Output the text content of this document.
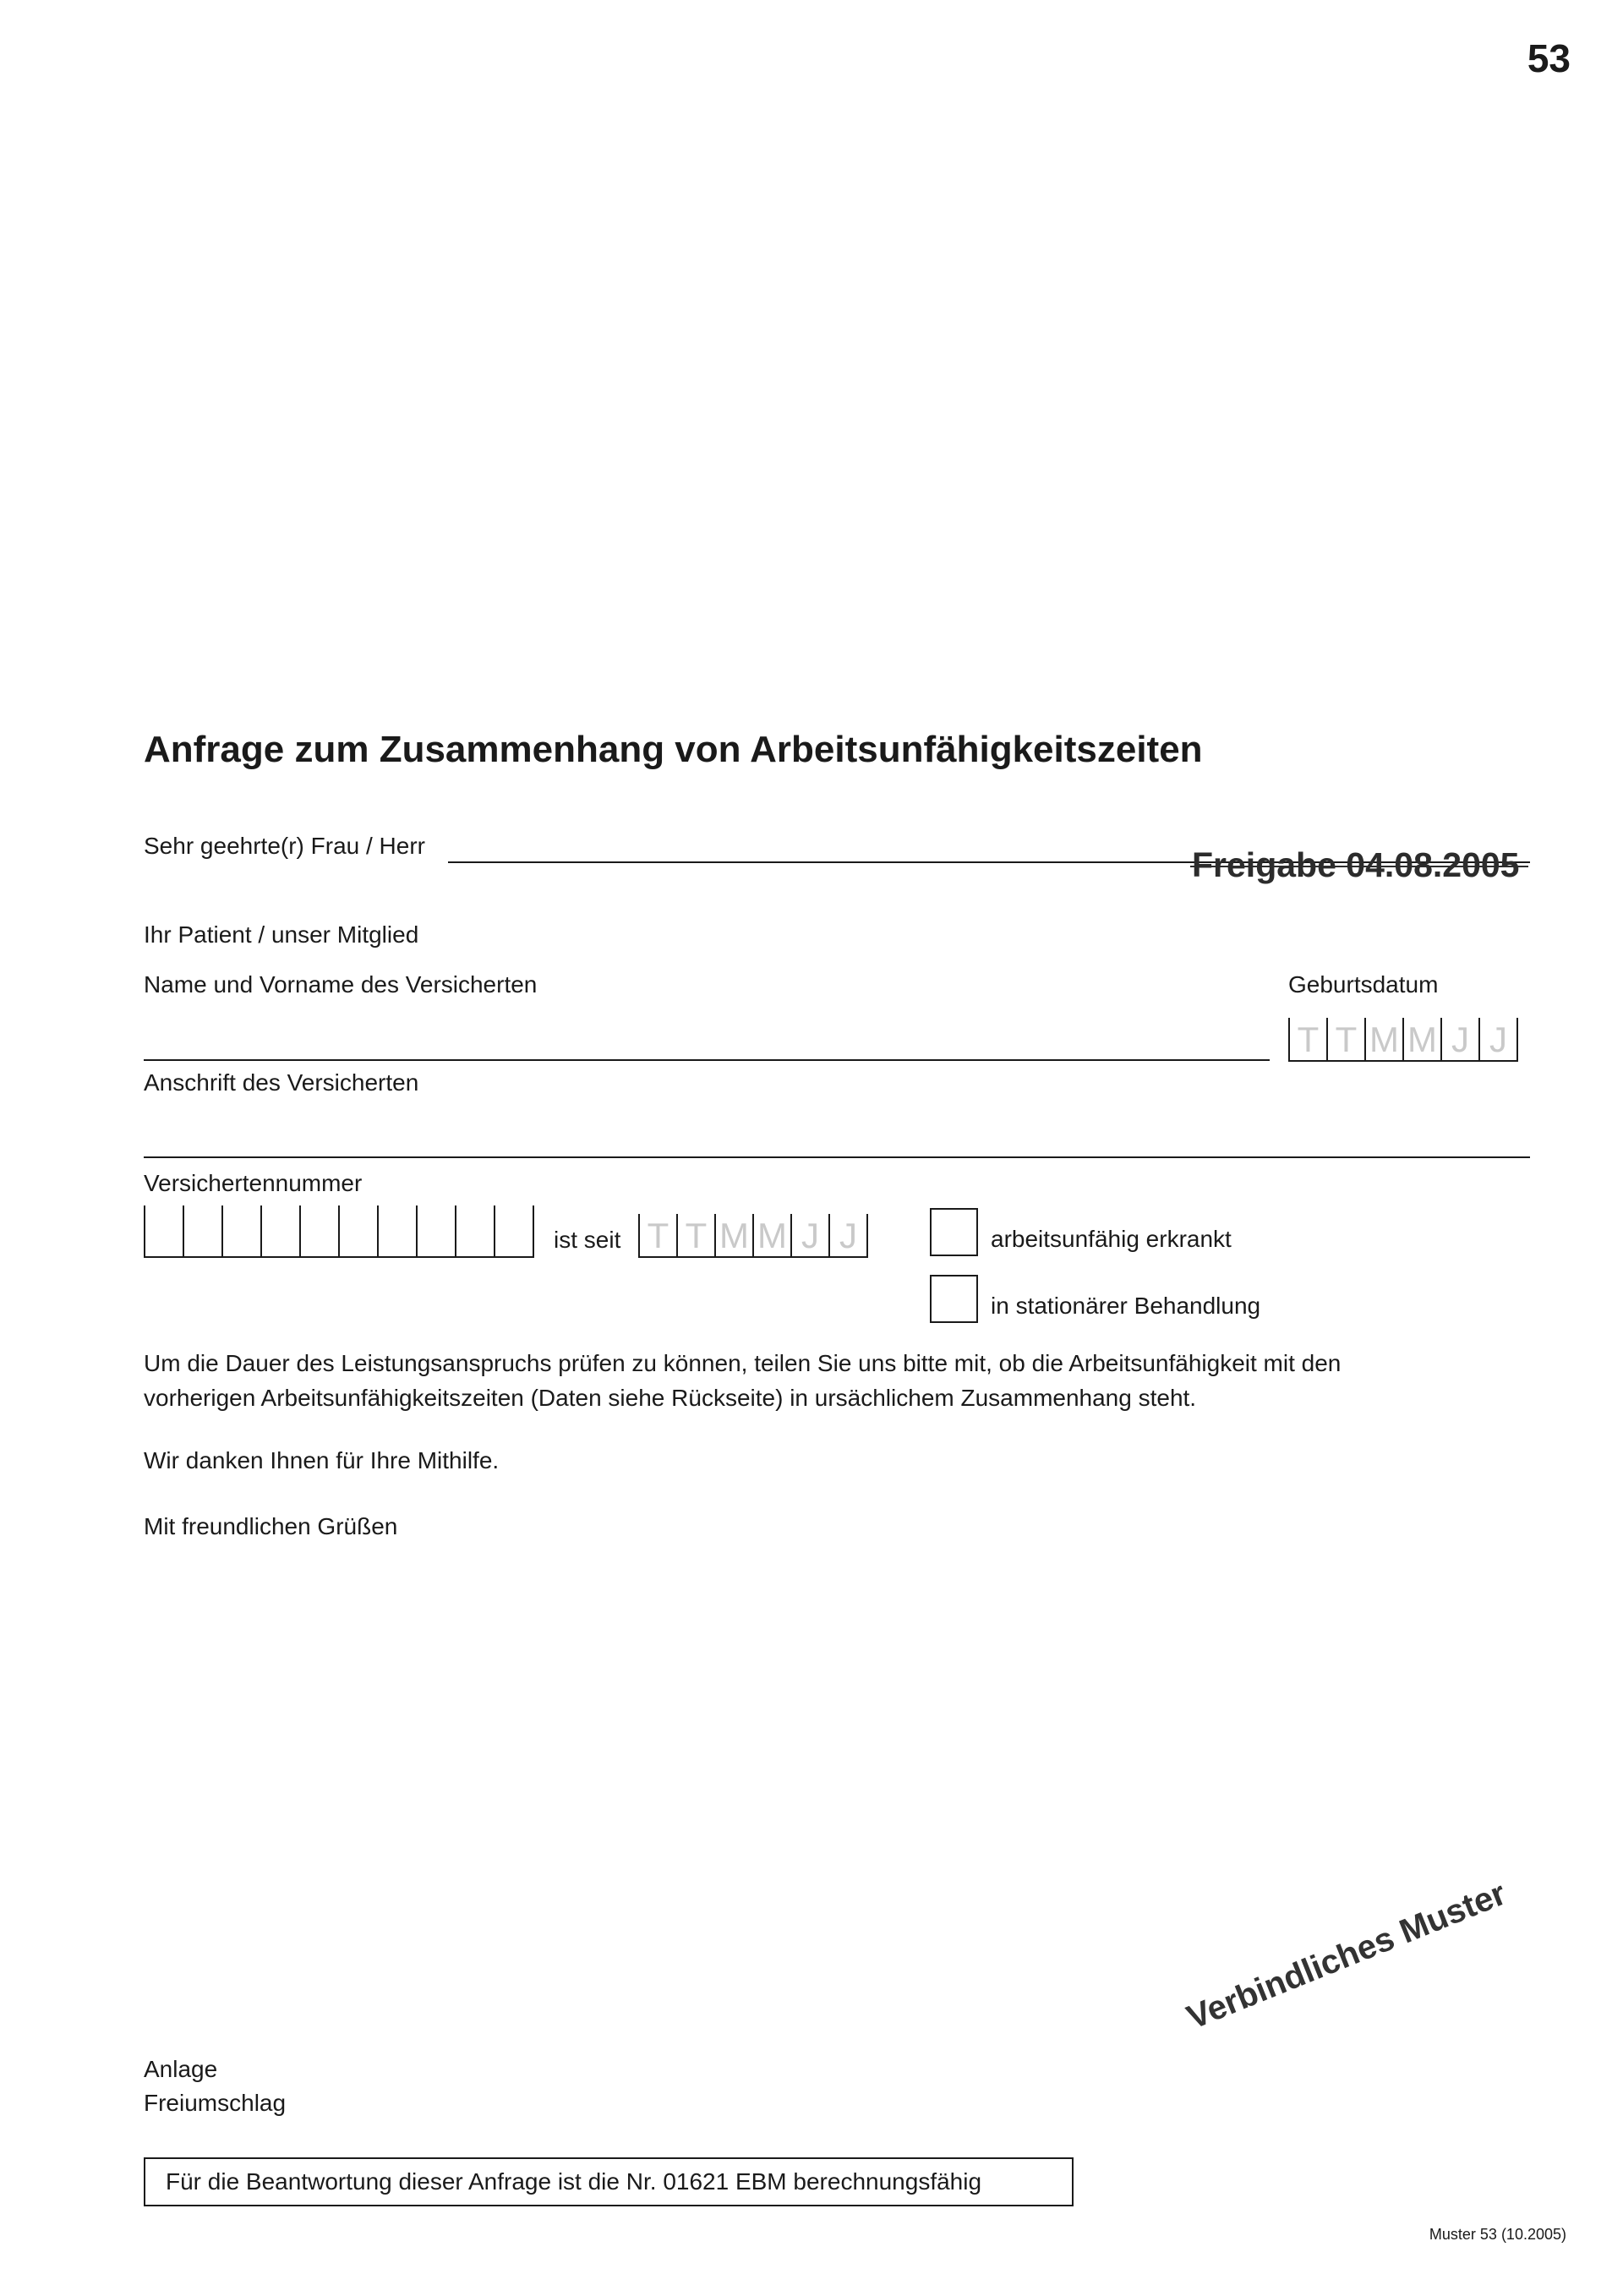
53
Anfrage zum Zusammenhang von Arbeitsunfähigkeitszeiten
Sehr geehrte(r) Frau / Herr	Freigabe 04.08.2005
Ihr Patient / unser Mitglied
Name und Vorname des Versicherten	Geburtsdatum
T T M M J J
Anschrift des Versicherten
Versichertennummer
ist seit T T M M J J	arbeitsunfähig erkrankt
in stationärer Behandlung
Um die Dauer des Leistungsanspruchs prüfen zu können, teilen Sie uns bitte mit, ob die Arbeitsunfähigkeit mit den
vorherigen Arbeitsunfähigkeitszeiten (Daten siehe Rückseite) in ursächlichem Zusammenhang steht.
Wir danken Ihnen für Ihre Mithilfe.
Mit freundlichen Grüßen
Anlage
Freiumschlag
Verbindliches Muster
Für die Beantwortung dieser Anfrage ist die Nr. 01621 EBM berechnungsfähig
Muster 53 (10.2005)
